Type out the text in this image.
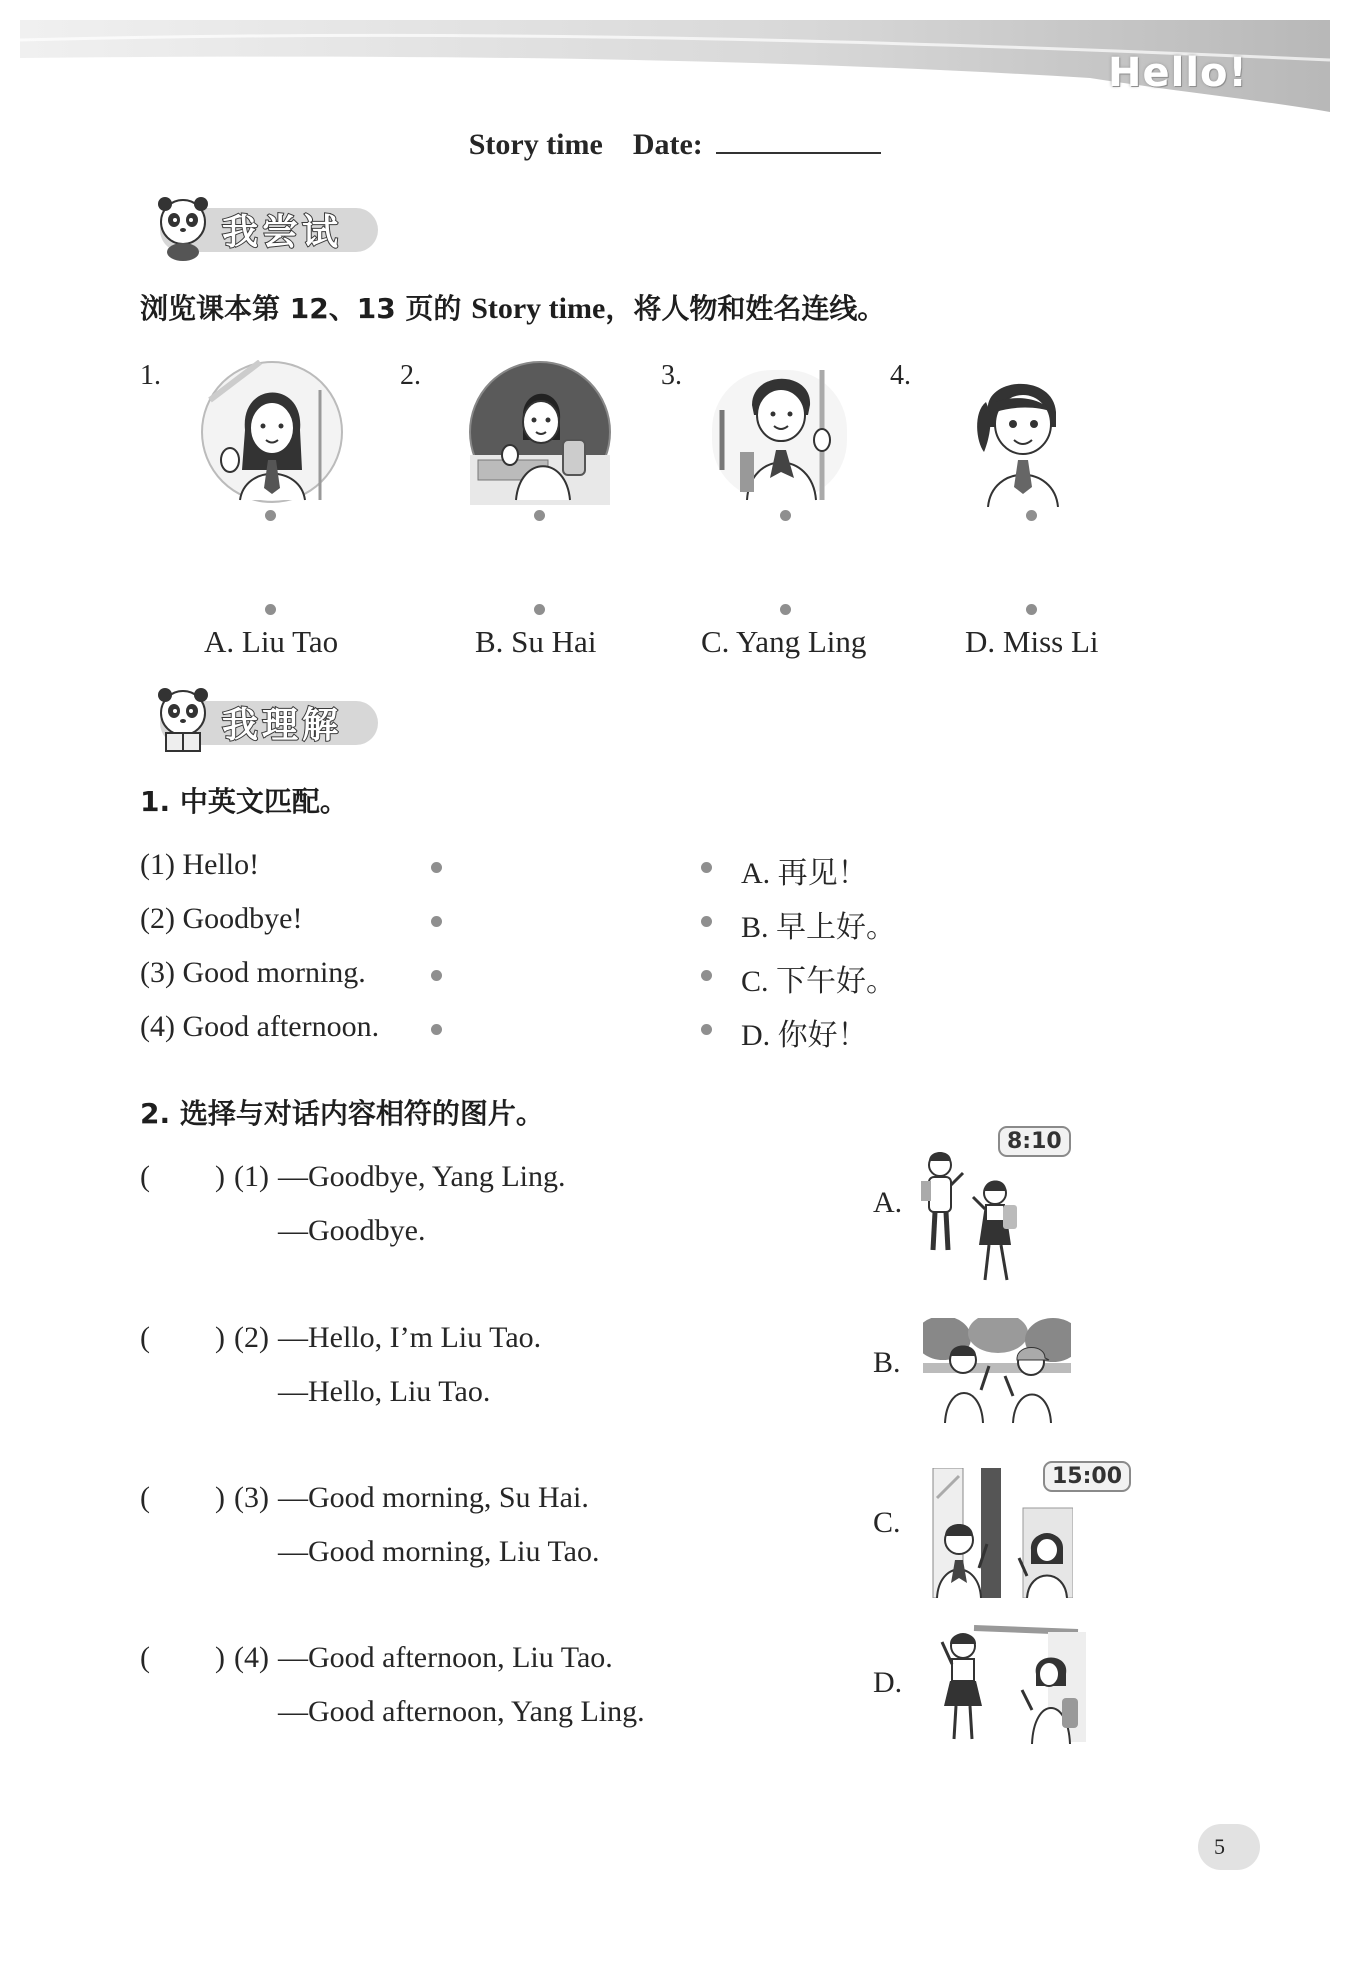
Hello!
Story time Date:
我尝试
浏览课本第 12、13 页的 Story time，将人物和姓名连线。
1.	2.	3.	4.
A. Liu Tao	B. Su Hai	C. Yang Ling	D. Miss Li
我理解
1. 中英文匹配。
(1) Hello!
(2) Goodbye!
(3) Good morning.
(4) Good afternoon.
A. 再见！
B. 早上好。
C. 下午好。
D. 你好！
2. 选择与对话内容相符的图片。
( ) (1) —Goodbye, Yang Ling.
—Goodbye.
( ) (2) —Hello, I’m Liu Tao.
—Hello, Liu Tao.
( ) (3) —Good morning, Su Hai.
—Good morning, Liu Tao.
( ) (4) —Good afternoon, Liu Tao.
—Good afternoon, Yang Ling.
A.
B.
C.
D.
8:10
15:00
5
